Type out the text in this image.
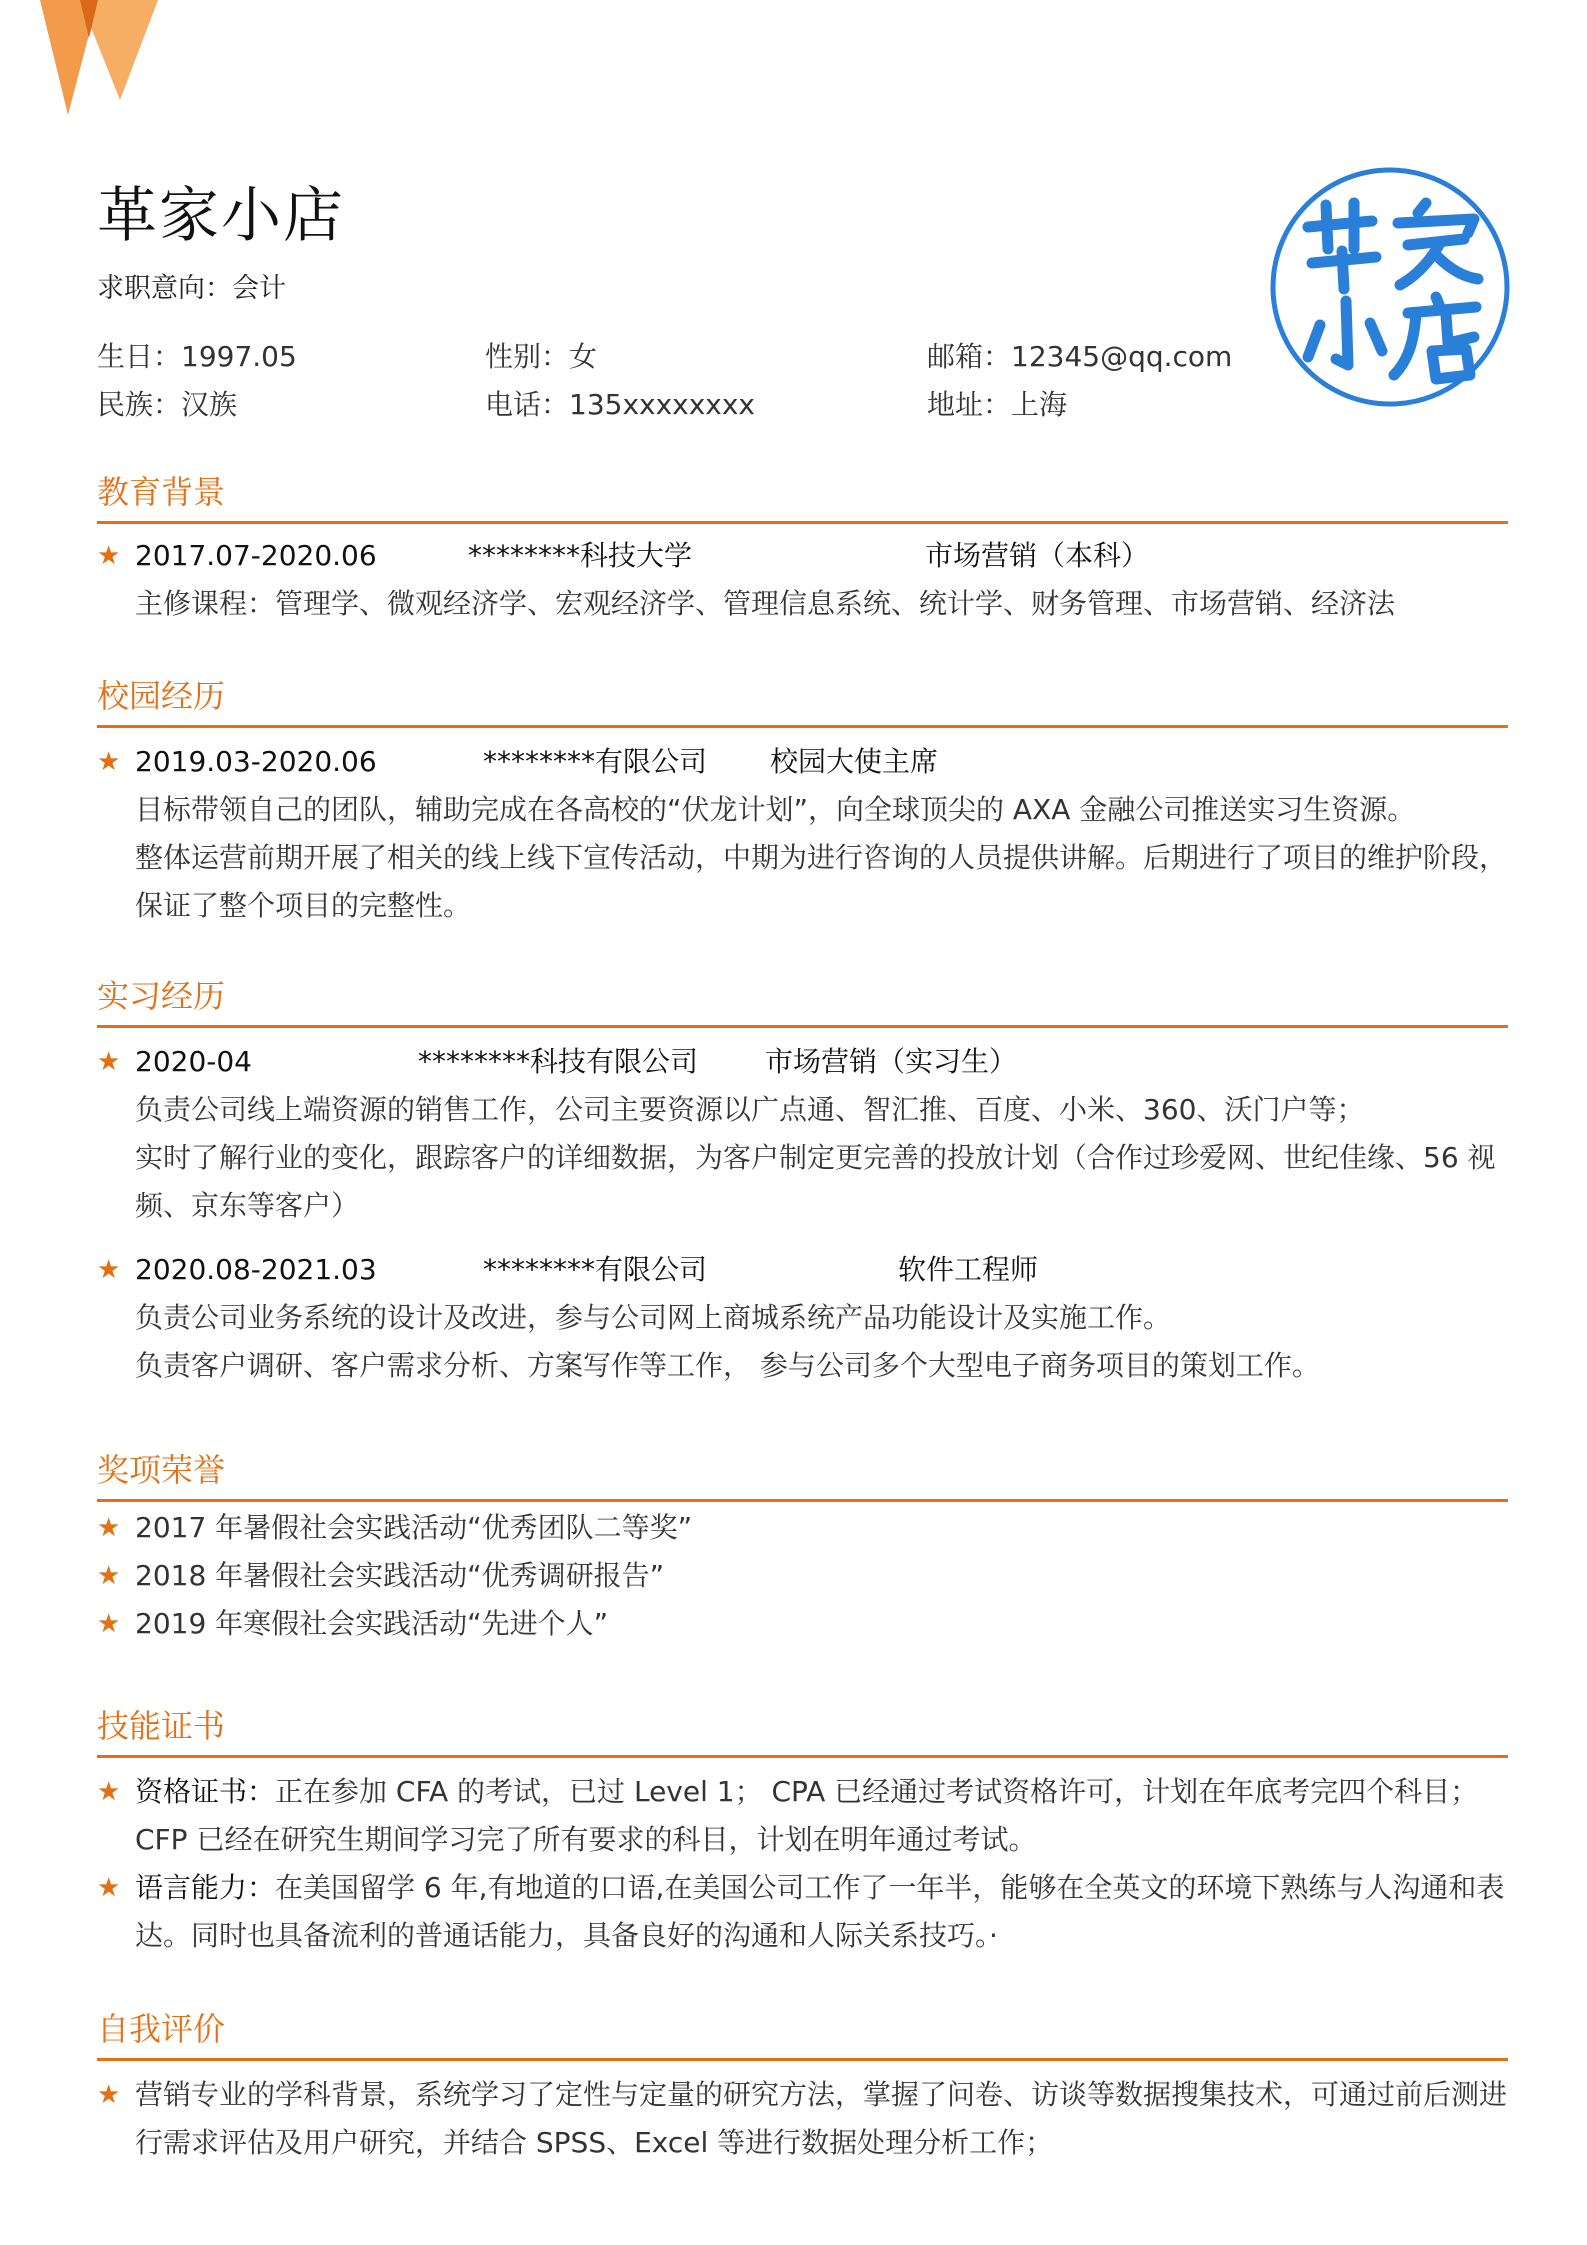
革家小店
求职意向：会计
生日：1997.05	性别：女	邮箱：12345@qq.com
民族：汉族	电话：135xxxxxxxx	地址：上海
教育背景
★ 2017.07-2020.06	********科技大学	市场营销（本科）
主修课程：管理学、微观经济学、宏观经济学、管理信息系统、统计学、财务管理、市场营销、经济法
校园经历
★ 2019.03-2020.06	********有限公司 校园大使主席
目标带领自己的团队，辅助完成在各高校的“伏龙计划”，向全球顶尖的 AXA 金融公司推送实习生资源。
整体运营前期开展了相关的线上线下宣传活动，中期为进行咨询的人员提供讲解。后期进行了项目的维护阶段，保证了整个项目的完整性。
实习经历
★ 2020-04	********科技有限公司 市场营销（实习生）
负责公司线上端资源的销售工作，公司主要资源以广点通、智汇推、百度、小米、360、沃门户等；
实时了解行业的变化，跟踪客户的详细数据，为客户制定更完善的投放计划（合作过珍爱网、世纪佳缘、56 视频、京东等客户）
★ 2020.08-2021.03	********有限公司	软件工程师
负责公司业务系统的设计及改进，参与公司网上商城系统产品功能设计及实施工作。
负责客户调研、客户需求分析、方案写作等工作， 参与公司多个大型电子商务项目的策划工作。
奖项荣誉
★ 2017 年暑假社会实践活动“优秀团队二等奖”
★ 2018 年暑假社会实践活动“优秀调研报告”
★ 2019 年寒假社会实践活动“先进个人”
技能证书
★ 资格证书：正在参加 CFA 的考试，已过 Level 1； CPA 已经通过考试资格许可，计划在年底考完四个科目； CFP 已经在研究生期间学习完了所有要求的科目，计划在明年通过考试。
★ 语言能力：在美国留学 6 年,有地道的口语,在美国公司工作了一年半，能够在全英文的环境下熟练与人沟通和表达。同时也具备流利的普通话能力，具备良好的沟通和人际关系技巧。·
自我评价
★ 营销专业的学科背景，系统学习了定性与定量的研究方法，掌握了问卷、访谈等数据搜集技术，可通过前后测进行需求评估及用户研究，并结合 SPSS、Excel 等进行数据处理分析工作；
